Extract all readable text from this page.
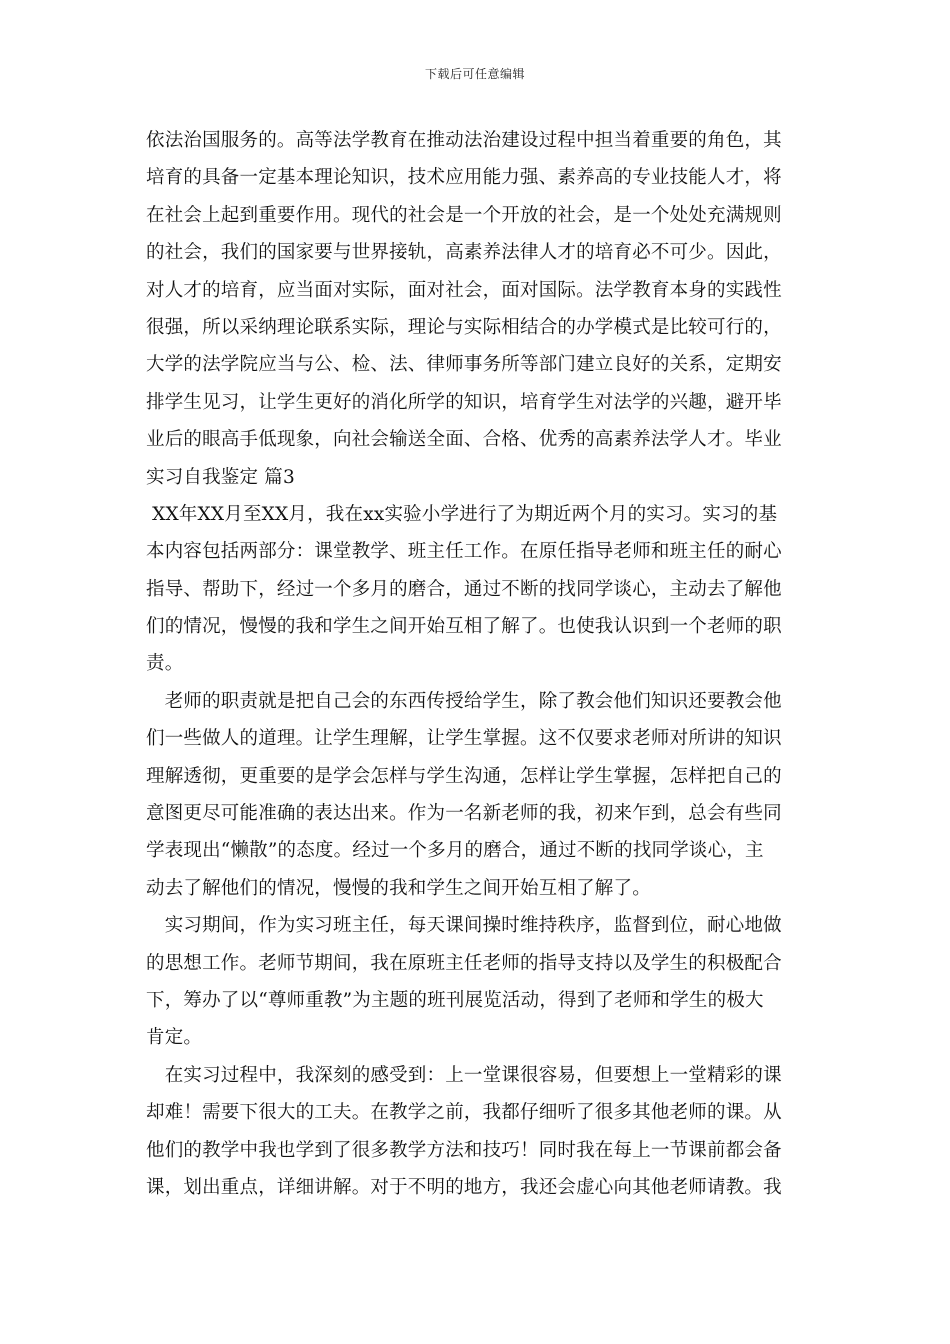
下载后可任意编辑
依法治国服务的。高等法学教育在推动法治建设过程中担当着重要的角色，其
培育的具备一定基本理论知识，技术应用能力强、素养高的专业技能人才，将
在社会上起到重要作用。现代的社会是一个开放的社会，是一个处处充满规则
的社会，我们的国家要与世界接轨，高素养法律人才的培育必不可少。因此，
对人才的培育，应当面对实际，面对社会，面对国际。法学教育本身的实践性
很强，所以采纳理论联系实际，理论与实际相结合的办学模式是比较可行的，
大学的法学院应当与公、检、法、律师事务所等部门建立良好的关系，定期安
排学生见习，让学生更好的消化所学的知识，培育学生对法学的兴趣，避开毕
业后的眼高手低现象，向社会输送全面、合格、优秀的高素养法学人才。毕业
实习自我鉴定 篇3
XX年XX月至XX月，我在xx实验小学进行了为期近两个月的实习。实习的基
本内容包括两部分：课堂教学、班主任工作。在原任指导老师和班主任的耐心
指导、帮助下，经过一个多月的磨合，通过不断的找同学谈心，主动去了解他
们的情况，慢慢的我和学生之间开始互相了解了。也使我认识到一个老师的职
责。
　老师的职责就是把自己会的东西传授给学生，除了教会他们知识还要教会他
们一些做人的道理。让学生理解，让学生掌握。这不仅要求老师对所讲的知识
理解透彻，更重要的是学会怎样与学生沟通，怎样让学生掌握，怎样把自己的
意图更尽可能准确的表达出来。作为一名新老师的我，初来乍到，总会有些同
学表现出“懒散”的态度。经过一个多月的磨合，通过不断的找同学谈心，主
动去了解他们的情况，慢慢的我和学生之间开始互相了解了。
　实习期间，作为实习班主任，每天课间操时维持秩序，监督到位，耐心地做
的思想工作。老师节期间，我在原班主任老师的指导支持以及学生的积极配合
下，筹办了以“尊师重教”为主题的班刊展览活动，得到了老师和学生的极大
肯定。
　在实习过程中，我深刻的感受到：上一堂课很容易，但要想上一堂精彩的课
却难！需要下很大的工夫。在教学之前，我都仔细听了很多其他老师的课。从
他们的教学中我也学到了很多教学方法和技巧！同时我在每上一节课前都会备
课，划出重点，详细讲解。对于不明的地方，我还会虚心向其他老师请教。我
